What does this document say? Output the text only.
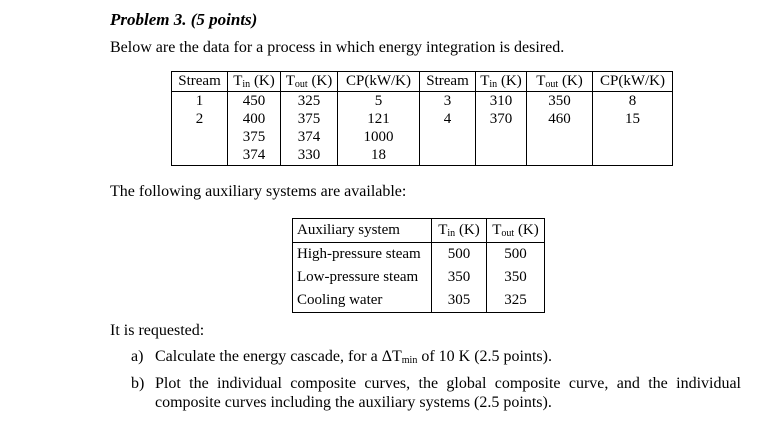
Problem 3. (5 points)
Below are the data for a process in which energy integration is desired.
Stream	$T_{in}$ (K)	$T_{out}$ (K)	CP(kW/K)	Stream	$T_{in}$ (K)	$T_{out}$ (K)	CP(kW/K)
1	450	325	5	3	310	350	8
2	400	375	121	4	370	460	15
	375	374	1000				
	374	330	18				
The following auxiliary systems are available:
Auxiliary system	$T_{in}$ (K)	$T_{out}$ (K)
High-pressure steam	500	500
Low-pressure steam	350	350
Cooling water	305	325
It is requested:
a) Calculate the energy cascade, for a $\Delta T_{min}$ of 10 K (2.5 points).
b) Plot the individual composite curves, the global composite curve, and the individual composite curves including the auxiliary systems (2.5 points).
